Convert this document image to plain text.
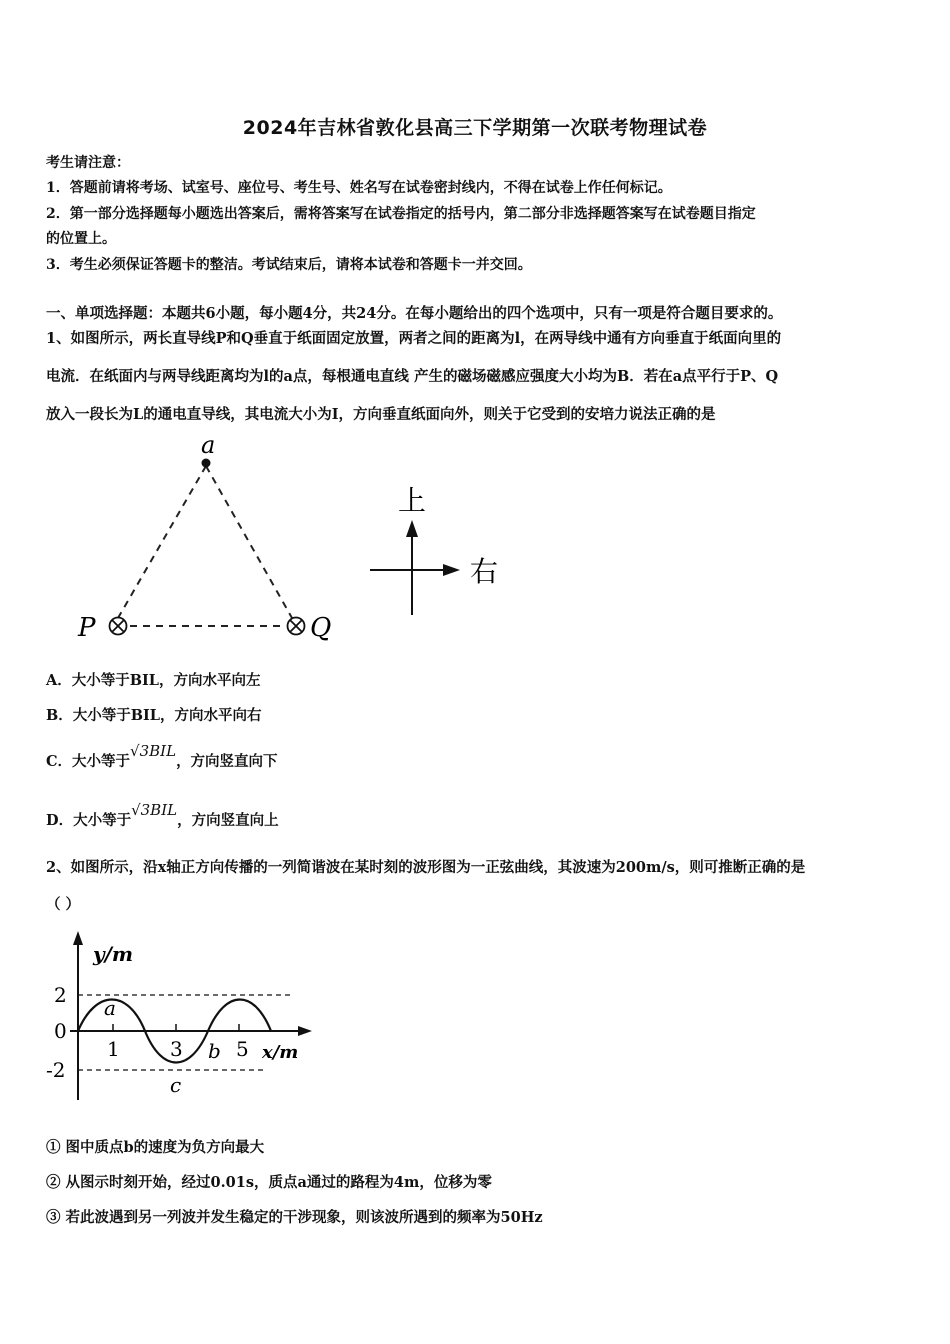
2024年吉林省敦化县高三下学期第一次联考物理试卷
考生请注意：
1．答题前请将考场、试室号、座位号、考生号、姓名写在试卷密封线内，不得在试卷上作任何标记。
2．第一部分选择题每小题选出答案后，需将答案写在试卷指定的括号内，第二部分非选择题答案写在试卷题目指定
的位置上。
3．考生必须保证答题卡的整洁。考试结束后，请将本试卷和答题卡一并交回。
一、单项选择题：本题共6小题，每小题4分，共24分。在每小题给出的四个选项中，只有一项是符合题目要求的。
1、如图所示，两长直导线P和Q垂直于纸面固定放置，两者之间的距离为l，在两导线中通有方向垂直于纸面向里的
电流．在纸面内与两导线距离均为l的a点，每根通电直线 产生的磁场磁感应强度大小均为B．若在a点平行于P、Q
放入一段长为L的通电直导线，其电流大小为I，方向垂直纸面向外，则关于它受到的安培力说法正确的是
a
P	Q
上
右
A．大小等于BIL，方向水平向左
B．大小等于BIL，方向水平向右
C．大小等于√3BIL，方向竖直向下
D．大小等于√3BIL，方向竖直向上
2、如图所示，沿x轴正方向传播的一列简谐波在某时刻的波形图为一正弦曲线，其波速为200m/s，则可推断正确的是
（ ）
y/m
x/m
2
0
-2
1	3	5
a
b
c
① 图中质点b的速度为负方向最大
② 从图示时刻开始，经过0.01s，质点a通过的路程为4m，位移为零
③ 若此波遇到另一列波并发生稳定的干涉现象，则该波所遇到的频率为50Hz
